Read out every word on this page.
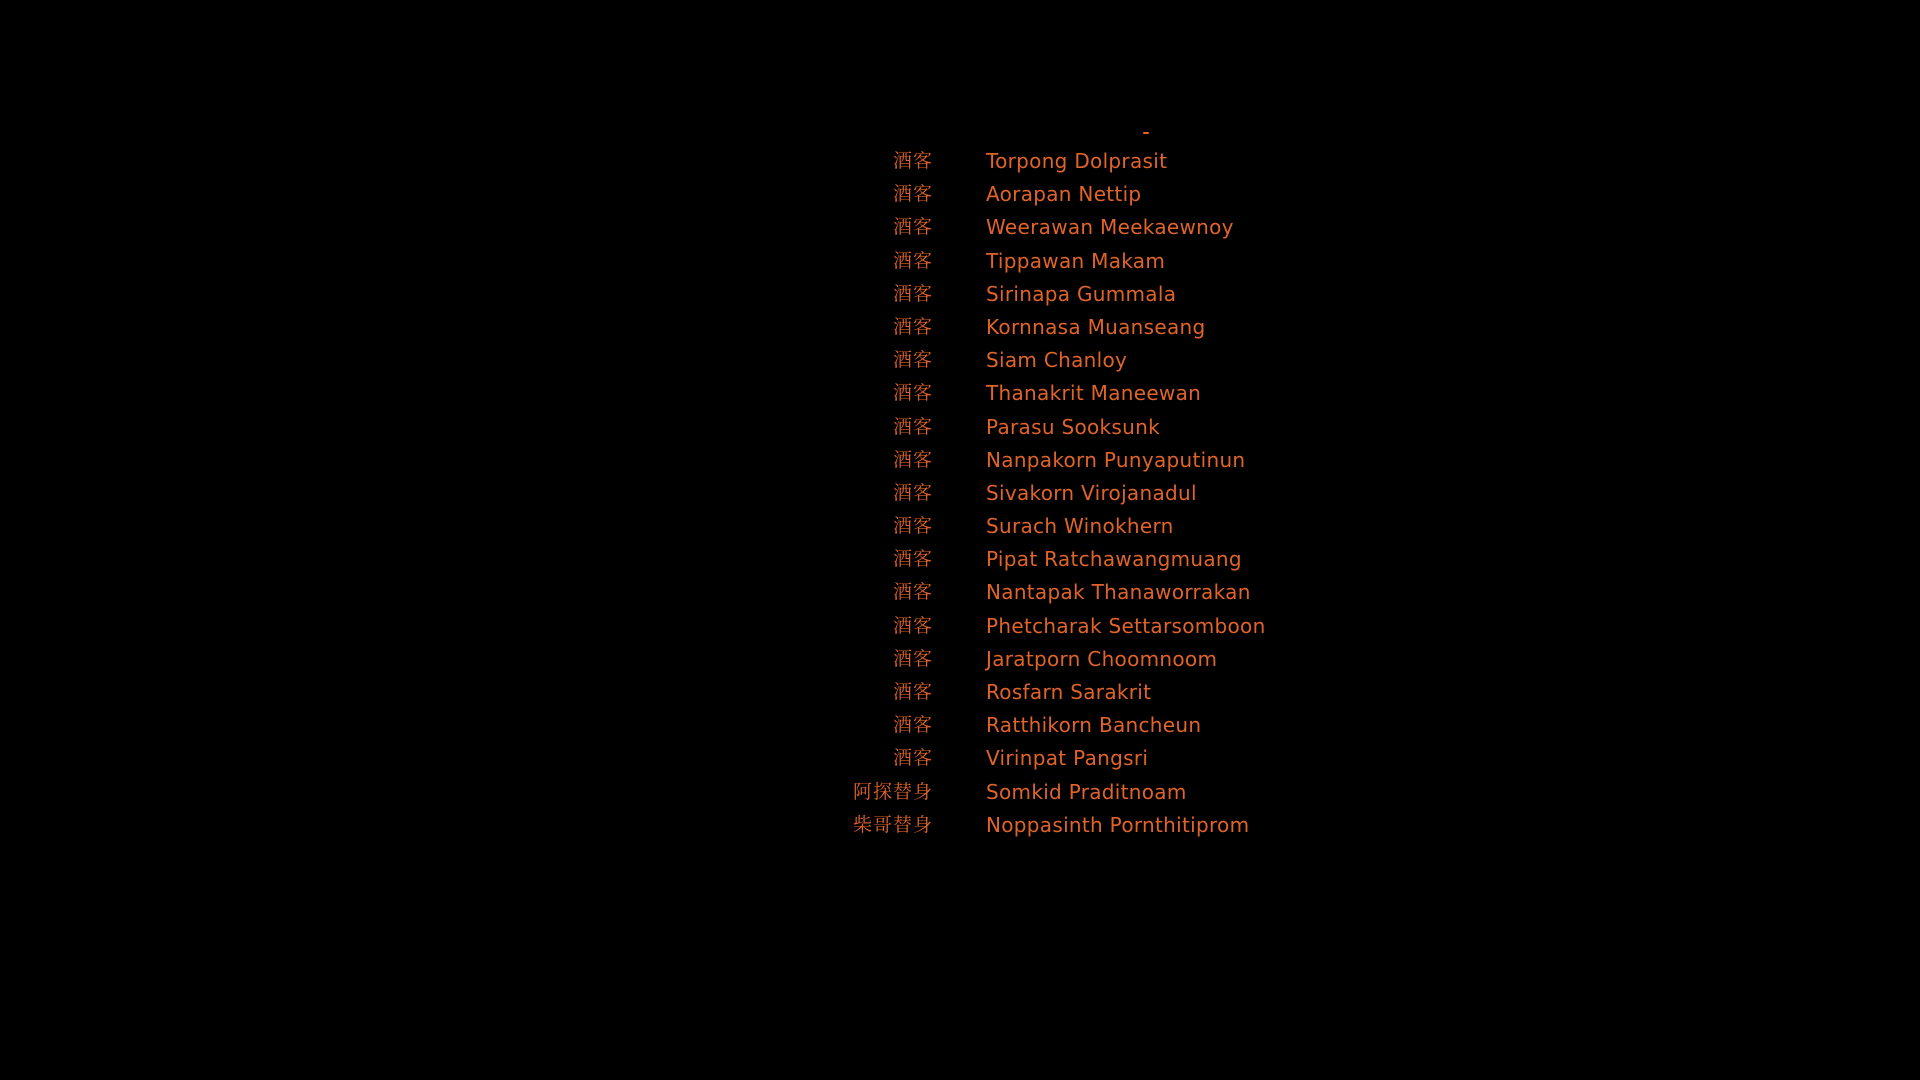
酒客	Torpong Dolprasit
酒客	Aorapan Nettip
酒客	Weerawan Meekaewnoy
酒客	Tippawan Makam
酒客	Sirinapa Gummala
酒客	Kornnasa Muanseang
酒客	Siam Chanloy
酒客	Thanakrit Maneewan
酒客	Parasu Sooksunk
酒客	Nanpakorn Punyaputinun
酒客	Sivakorn Virojanadul
酒客	Surach Winokhern
酒客	Pipat Ratchawangmuang
酒客	Nantapak Thanaworrakan
酒客	Phetcharak Settarsomboon
酒客	Jaratporn Choomnoom
酒客	Rosfarn Sarakrit
酒客	Ratthikorn Bancheun
酒客	Virinpat Pangsri
阿探替身	Somkid Praditnoam
柴哥替身	Noppasinth Pornthitiprom
